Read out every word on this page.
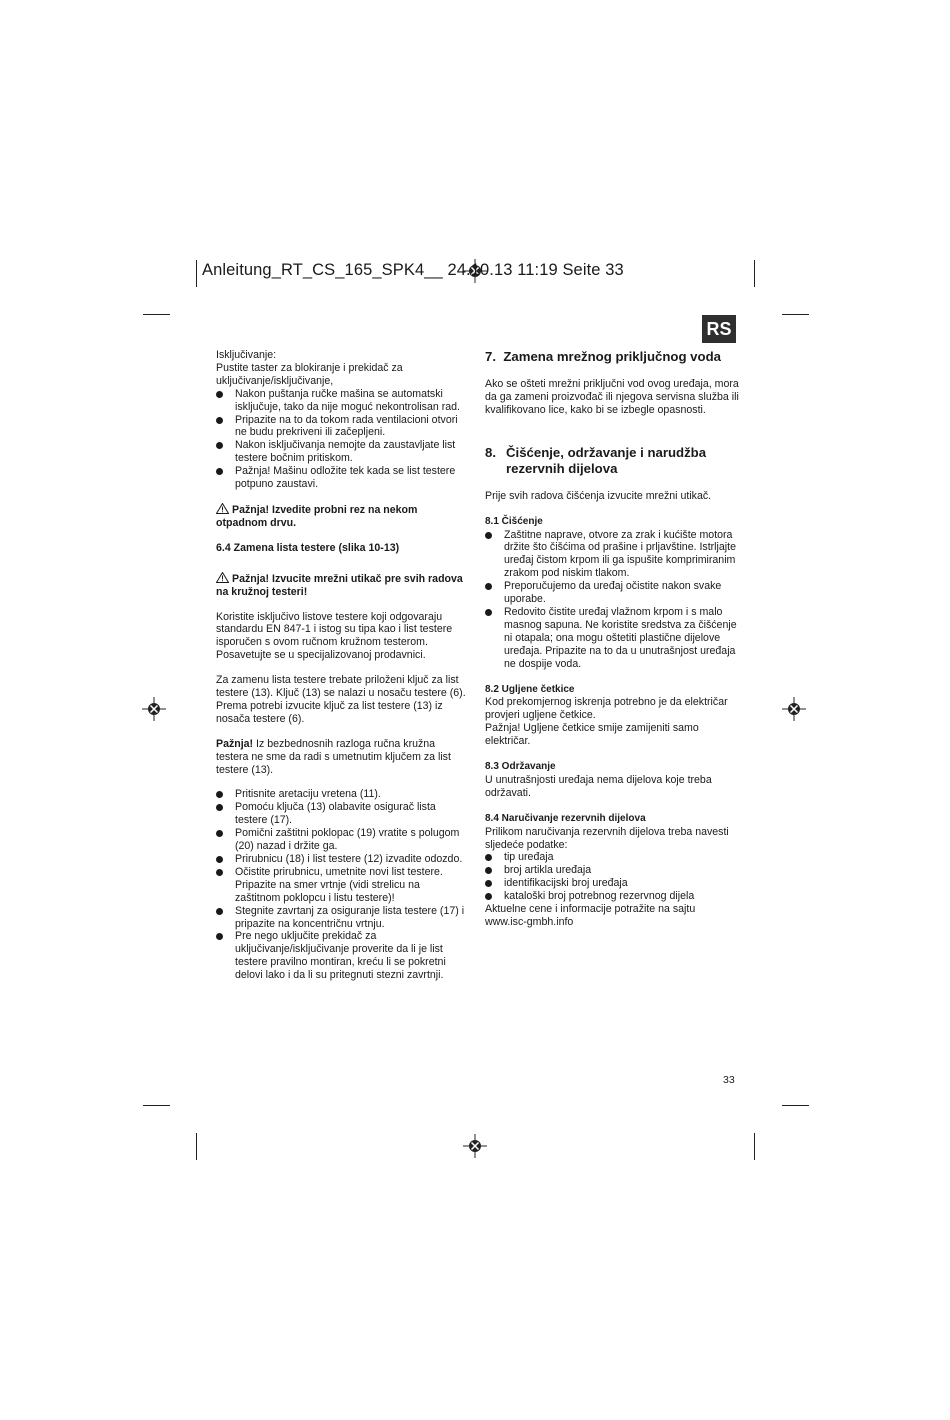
Anleitung_RT_CS_165_SPK4__ 24.10.13 11:19 Seite 33
RS

Isključivanje:

Pustite taster za blokiranje i prekidač za uključivanje/isključivanje,

Nakon puštanja ručke mašina se automatski isključuje, tako da nije moguć nekontrolisan rad.
Pripazite na to da tokom rada ventilacioni otvori ne budu prekriveni ili začepljeni.
Nakon isključivanja nemojte da zaustavljate list testere bočnim pritiskom.
Pažnja! Mašinu odložite tek kada se list testere potpuno zaustavi.

Pažnja! Izvedite probni rez na nekom otpadnom drvu.

6.4 Zamena lista testere (slika 10-13)

Pažnja! Izvucite mrežni utikač pre svih radova na kružnoj testeri!

Koristite isključivo listove testere koji odgovaraju standardu EN 847-1 i istog su tipa kao i list testere isporučen s ovom ručnom kružnom testerom. Posavetujte se u specijalizovanoj prodavnici.

Za zamenu lista testere trebate priloženi ključ za list testere (13). Ključ (13) se nalazi u nosaču testere (6). Prema potrebi izvucite ključ za list testere (13) iz nosača testere (6).

Pažnja! Iz bezbednosnih razloga ručna kružna testera ne sme da radi s umetnutim ključem za list testere (13).

Pritisnite aretaciju vretena (11).
Pomoću ključa (13) olabavite osigurač lista testere (17).
Pomični zaštitni poklopac (19) vratite s polugom (20) nazad i držite ga.
Prirubnicu (18) i list testere (12) izvadite odozdo.
Očistite prirubnicu, umetnite novi list testere. Pripazite na smer vrtnje (vidi strelicu na zaštitnom poklopcu i listu testere)!
Stegnite zavrtanj za osiguranje lista testere (17) i pripazite na koncentričnu vrtnju.
Pre nego uključite prekidač za uključivanje/isključivanje proverite da li je list testere pravilno montiran, kreću li se pokretni delovi lako i da li su pritegnuti stezni zavrtnji.

7. Zamena mrežnog priključnog voda

Ako se ošteti mrežni priključni vod ovog uređaja, mora da ga zameni proizvođač ili njegova servisna služba ili kvalifikovano lice, kako bi se izbegle opasnosti.

8. Čišćenje, održavanje i narudžba rezervnih dijelova

Prije svih radova čišćenja izvucite mrežni utikač.

8.1 Čišćenje

Zaštitne naprave, otvore za zrak i kućište motora držite što čišćima od prašine i prljavštine. Istrljajte uređaj čistom krpom ili ga ispušite komprimiranim zrakom pod niskim tlakom.
Preporučujemo da uređaj očistite nakon svake uporabe.
Redovito čistite uređaj vlažnom krpom i s malo masnog sapuna. Ne koristite sredstva za čišćenje ni otapala; ona mogu oštetiti plastične dijelove uređaja. Pripazite na to da u unutrašnjost uređaja ne dospije voda.

8.2 Ugljene četkice

Kod prekomjernog iskrenja potrebno je da električar provjeri ugljene četkice.

Pažnja! Ugljene četkice smije zamijeniti samo električar.

8.3 Održavanje

U unutrašnjosti uređaja nema dijelova koje treba održavati.

8.4 Naručivanje rezervnih dijelova

Prilikom naručivanja rezervnih dijelova treba navesti sljedeće podatke:

tip uređaja
broj artikla uređaja
identifikacijski broj uređaja
kataloški broj potrebnog rezervnog dijela

Aktuelne cene i informacije potražite na sajtu

www.isc-gmbh.info

33
